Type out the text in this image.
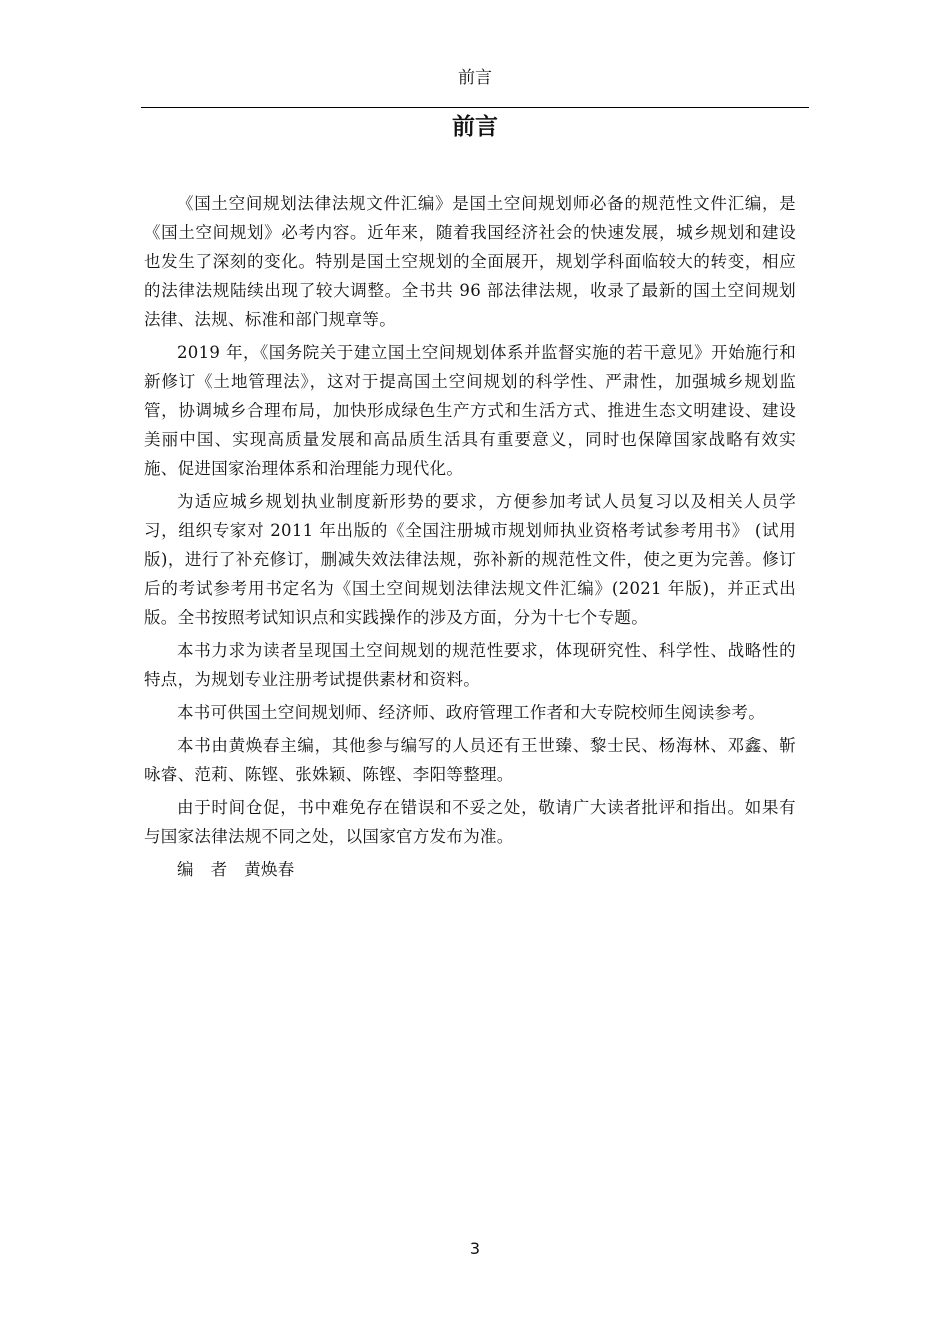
前言
前言

《国土空间规划法律法规文件汇编》是国土空间规划师必备的规范性文件汇编，是《国土空间规划》必考内容。近年来，随着我国经济社会的快速发展，城乡规划和建设也发生了深刻的变化。特别是国土空规划的全面展开，规划学科面临较大的转变，相应的法律法规陆续出现了较大调整。全书共 96 部法律法规，收录了最新的国土空间规划法律、法规、标准和部门规章等。

2019 年，《国务院关于建立国土空间规划体系并监督实施的若干意见》开始施行和新修订《土地管理法》，这对于提高国土空间规划的科学性、严肃性，加强城乡规划监管，协调城乡合理布局，加快形成绿色生产方式和生活方式、推进生态文明建设、建设美丽中国、实现高质量发展和高品质生活具有重要意义，同时也保障国家战略有效实施、促进国家治理体系和治理能力现代化。

为适应城乡规划执业制度新形势的要求，方便参加考试人员复习以及相关人员学习，组织专家对 2011 年出版的《全国注册城市规划师执业资格考试参考用书》 (试用版)，进行了补充修订，删减失效法律法规，弥补新的规范性文件，使之更为完善。修订后的考试参考用书定名为《国土空间规划法律法规文件汇编》(2021 年版)，并正式出版。全书按照考试知识点和实践操作的涉及方面，分为十七个专题。

本书力求为读者呈现国土空间规划的规范性要求，体现研究性、科学性、战略性的特点，为规划专业注册考试提供素材和资料。

本书可供国土空间规划师、经济师、政府管理工作者和大专院校师生阅读参考。

本书由黄焕春主编，其他参与编写的人员还有王世臻、黎士民、杨海林、邓鑫、靳咏睿、范莉、陈铿、张姝颖、陈铿、李阳等整理。

由于时间仓促，书中难免存在错误和不妥之处，敬请广大读者批评和指出。如果有与国家法律法规不同之处，以国家官方发布为准。

编　者　黄焕春

3
